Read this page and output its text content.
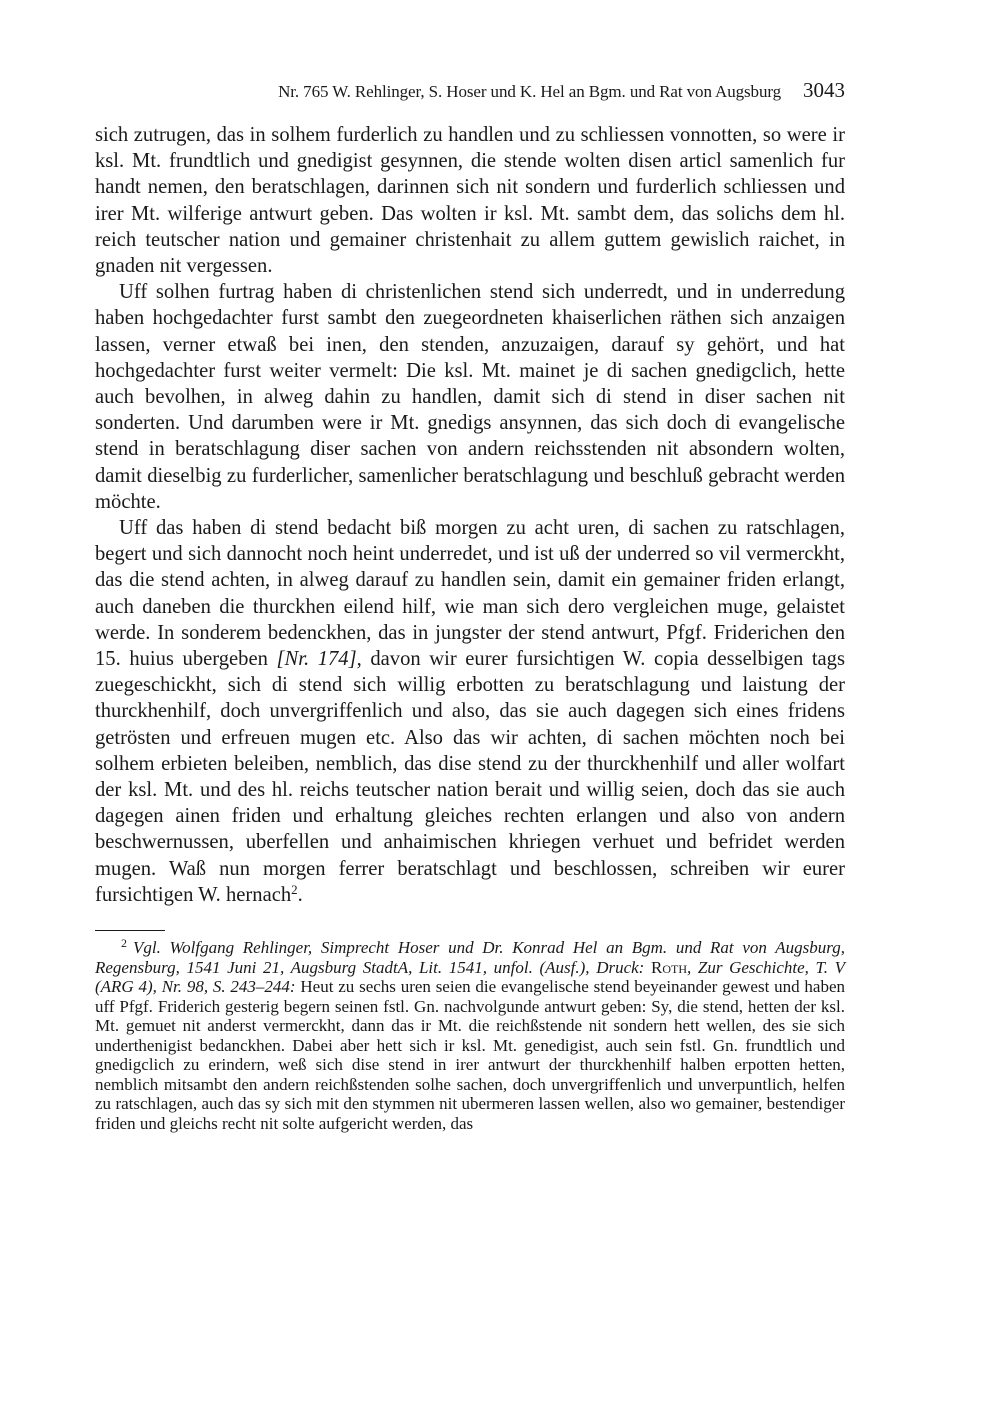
Nr. 765 W. Rehlinger, S. Hoser und K. Hel an Bgm. und Rat von Augsburg 3043

sich zutrugen, das in solhem furderlich zu handlen und zu schliessen vonnotten, so were ir ksl. Mt. frundtlich und gnedigist gesynnen, die stende wolten disen articl samenlich fur handt nemen, den beratschlagen, darinnen sich nit sondern und furderlich schliessen und irer Mt. wilferige antwurt geben. Das wolten ir ksl. Mt. sambt dem, das solichs dem hl. reich teutscher nation und gemainer christenhait zu allem guttem gewislich raichet, in gnaden nit vergessen.

Uff solhen furtrag haben di christenlichen stend sich underredt, und in underredung haben hochgedachter furst sambt den zuegeordneten khaiserlichen räthen sich anzaigen lassen, verner etwaß bei inen, den stenden, anzuzaigen, darauf sy gehört, und hat hochgedachter furst weiter vermelt: Die ksl. Mt. mainet je di sachen gnedigclich, hette auch bevolhen, in alweg dahin zu handlen, damit sich di stend in diser sachen nit sonderten. Und darumben were ir Mt. gnedigs ansynnen, das sich doch di evangelische stend in beratschlagung diser sachen von andern reichsstenden nit absondern wolten, damit dieselbig zu furderlicher, samenlicher beratschlagung und beschluß gebracht werden möchte.

Uff das haben di stend bedacht biß morgen zu acht uren, di sachen zu ratschlagen, begert und sich dannocht noch heint underredet, und ist uß der underred so vil vermerckht, das die stend achten, in alweg darauf zu handlen sein, damit ein gemainer friden erlangt, auch daneben die thurckhen eilend hilf, wie man sich dero vergleichen muge, gelaistet werde. In sonderem bedenckhen, das in jungster der stend antwurt, Pfgf. Friderichen den 15. huius ubergeben [Nr. 174], davon wir eurer fursichtigen W. copia desselbigen tags zuegeschickht, sich di stend sich willig erbotten zu beratschlagung und laistung der thurckhenhilf, doch unvergriffenlich und also, das sie auch dagegen sich eines fridens getrösten und erfreuen mugen etc. Also das wir achten, di sachen möchten noch bei solhem erbieten beleiben, nemblich, das dise stend zu der thurckhenhilf und aller wolfart der ksl. Mt. und des hl. reichs teutscher nation berait und willig seien, doch das sie auch dagegen ainen friden und erhaltung gleiches rechten erlangen und also von andern beschwernussen, uberfellen und anhaimischen khriegen verhuet und befridet werden mugen. Waß nun morgen ferrer beratschlagt und beschlossen, schreiben wir eurer fursichtigen W. hernach$^2$.

$^2$ Vgl. Wolfgang Rehlinger, Simprecht Hoser und Dr. Konrad Hel an Bgm. und Rat von Augsburg, Regensburg, 1541 Juni 21, Augsburg StadtA, Lit. 1541, unfol. (Ausf.), Druck: Roth, Zur Geschichte, T. V (ARG 4), Nr. 98, S. 243–244: Heut zu sechs uren seien die evangelische stend beyeinander gewest und haben uff Pfgf. Friderich gesterig begern seinen fstl. Gn. nachvolgunde antwurt geben: Sy, die stend, hetten der ksl. Mt. gemuet nit anderst vermerckht, dann das ir Mt. die reichßstende nit sondern hett wellen, des sie sich underthenigist bedanckhen. Dabei aber hett sich ir ksl. Mt. genedigist, auch sein fstl. Gn. frundtlich und gnedigclich zu erindern, weß sich dise stend in irer antwurt der thurckhenhilf halben erpotten hetten, nemblich mitsambt den andern reichßstenden solhe sachen, doch unvergriffenlich und unverpuntlich, helfen zu ratschlagen, auch das sy sich mit den stymmen nit ubermeren lassen wellen, also wo gemainer, bestendiger friden und gleichs recht nit solte aufgericht werden, das
